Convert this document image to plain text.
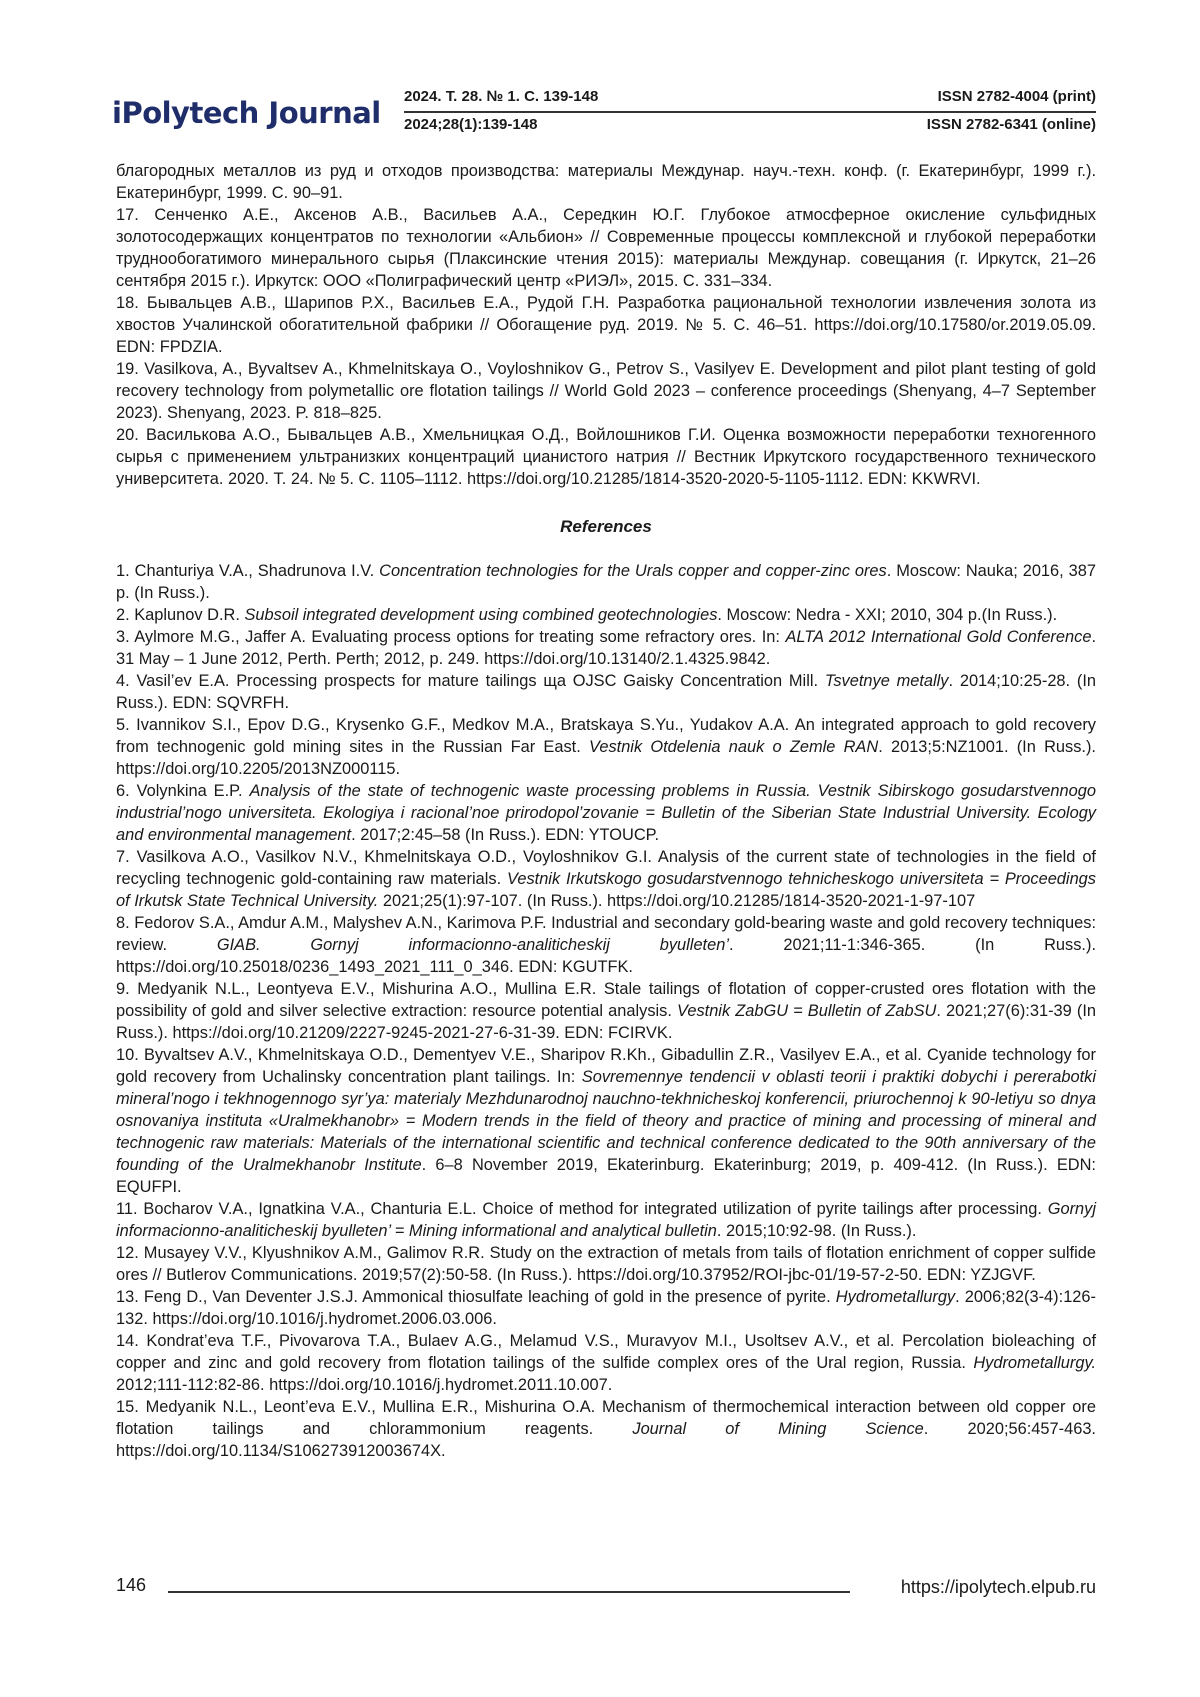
iPolytech Journal 2024. Т. 28. № 1. С. 139-148	ISSN 2782-4004 (print)
2024;28(1):139-148	ISSN 2782-6341 (online)
благородных металлов из руд и отходов производства: материалы Междунар. науч.-техн. конф. (г. Екатеринбург, 1999 г.). Екатеринбург, 1999. С. 90–91.
17. Сенченко А.Е., Аксенов А.В., Васильев А.А., Середкин Ю.Г. Глубокое атмосферное окисление сульфидных золотосодержащих концентратов по технологии «Альбион» // Современные процессы комплексной и глубокой переработки труднообогатимого минерального сырья (Плаксинские чтения 2015): материалы Междунар. совещания (г. Иркутск, 21–26 сентября 2015 г.). Иркутск: ООО «Полиграфический центр «РИЭЛ», 2015. С. 331–334.
18. Бывальцев А.В., Шарипов Р.Х., Васильев Е.А., Рудой Г.Н. Разработка рациональной технологии извлечения золота из хвостов Учалинской обогатительной фабрики // Обогащение руд. 2019. № 5. С. 46–51. https://doi.org/10.17580/or.2019.05.09. EDN: FPDZIA.
19. Vasilkova, A., Byvaltsev A., Khmelnitskaya O., Voyloshnikov G., Petrov S., Vasilyev E. Development and pilot plant testing of gold recovery technology from polymetallic ore flotation tailings // World Gold 2023 – conference proceedings (Shenyang, 4–7 September 2023). Shenyang, 2023. P. 818–825.
20. Василькова А.О., Бывальцев А.В., Хмельницкая О.Д., Войлошников Г.И. Оценка возможности переработки техногенного сырья с применением ультранизких концентраций цианистого натрия // Вестник Иркутского государственного технического университета. 2020. Т. 24. № 5. С. 1105–1112. https://doi.org/10.21285/1814-3520-2020-5-1105-1112. EDN: KKWRVI.
References
1. Chanturiya V.A., Shadrunova I.V. Concentration technologies for the Urals copper and copper-zinc ores. Moscow: Nauka; 2016, 387 p. (In Russ.).
2. Kaplunov D.R. Subsoil integrated development using combined geotechnologies. Moscow: Nedra - XXI; 2010, 304 p.(In Russ.).
3. Aylmore M.G., Jaffer A. Evaluating process options for treating some refractory ores. In: ALTA 2012 International Gold Conference. 31 May – 1 June 2012, Perth. Perth; 2012, p. 249. https://doi.org/10.13140/2.1.4325.9842.
4. Vasil’ev E.A. Processing prospects for mature tailings ща OJSC Gaisky Concentration Mill. Tsvetnye metally. 2014;10:25-28. (In Russ.). EDN: SQVRFH.
5. Ivannikov S.I., Epov D.G., Krysenko G.F., Medkov M.A., Bratskaya S.Yu., Yudakov A.A. An integrated approach to gold recovery from technogenic gold mining sites in the Russian Far East. Vestnik Otdelenia nauk o Zemle RAN. 2013;5:NZ1001. (In Russ.). https://doi.org/10.2205/2013NZ000115.
6. Volynkina E.P. Analysis of the state of technogenic waste processing problems in Russia. Vestnik Sibirskogo gosudarstvennogo industrial’nogo universiteta. Ekologiya i racional’noe prirodopol’zovanie = Bulletin of the Siberian State Industrial University. Ecology and environmental management. 2017;2:45–58 (In Russ.). EDN: YTOUCP.
7. Vasilkova A.O., Vasilkov N.V., Khmelnitskaya O.D., Voyloshnikov G.I. Analysis of the current state of technologies in the field of recycling technogenic gold-containing raw materials. Vestnik Irkutskogo gosudarstvennogo tehnicheskogo universiteta = Proceedings of Irkutsk State Technical University. 2021;25(1):97-107. (In Russ.). https://doi.org/10.21285/1814-3520-2021-1-97-107
8. Fedorov S.A., Amdur A.M., Malyshev A.N., Karimova P.F. Industrial and secondary gold-bearing waste and gold recovery techniques: review. GIAB. Gornyj informacionno-analiticheskij byulleten’. 2021;11-1:346-365. (In Russ.). https://doi.org/10.25018/0236_1493_2021_111_0_346. EDN: KGUTFK.
9. Medyanik N.L., Leontyeva E.V., Mishurina A.O., Mullina E.R. Stale tailings of flotation of copper-crusted ores flotation with the possibility of gold and silver selective extraction: resource potential analysis. Vestnik ZabGU = Bulletin of ZabSU. 2021;27(6):31-39 (In Russ.). https://doi.org/10.21209/2227-9245-2021-27-6-31-39. EDN: FCIRVK.
10. Byvaltsev A.V., Khmelnitskaya O.D., Dementyev V.E., Sharipov R.Kh., Gibadullin Z.R., Vasilyev E.A., et al. Cyanide technology for gold recovery from Uchalinsky concentration plant tailings. In: Sovremennye tendencii v oblasti teorii i praktiki dobychi i pererabotki mineral’nogo i tekhnogennogo syr’ya: materialy Mezhdunarodnoj nauchno-tekhnicheskoj konferencii, priurochennoj k 90-letiyu so dnya osnovaniya instituta «Uralmekhanobr» = Modern trends in the field of theory and practice of mining and processing of mineral and technogenic raw materials: Materials of the international scientific and technical conference dedicated to the 90th anniversary of the founding of the Uralmekhanobr Institute. 6–8 November 2019, Ekaterinburg. Ekaterinburg; 2019, p. 409-412. (In Russ.). EDN: EQUFPI.
11. Bocharov V.A., Ignatkina V.A., Chanturia E.L. Choice of method for integrated utilization of pyrite tailings after processing. Gornyj informacionno-analiticheskij byulleten’ = Mining informational and analytical bulletin. 2015;10:92-98. (In Russ.).
12. Musayey V.V., Klyushnikov A.M., Galimov R.R. Study on the extraction of metals from tails of flotation enrichment of copper sulfide ores // Butlerov Communications. 2019;57(2):50-58. (In Russ.). https://doi.org/10.37952/ROI-jbc-01/19-57-2-50. EDN: YZJGVF.
13. Feng D., Van Deventer J.S.J. Ammonical thiosulfate leaching of gold in the presence of pyrite. Hydrometallurgy. 2006;82(3-4):126-132. https://doi.org/10.1016/j.hydromet.2006.03.006.
14. Kondrat’eva T.F., Pivovarova T.A., Bulaev A.G., Melamud V.S., Muravyov M.I., Usoltsev A.V., et al. Percolation bioleaching of copper and zinc and gold recovery from flotation tailings of the sulfide complex ores of the Ural region, Russia. Hydrometallurgy. 2012;111-112:82-86. https://doi.org/10.1016/j.hydromet.2011.10.007.
15. Medyanik N.L., Leont’eva E.V., Mullina E.R., Mishurina O.A. Mechanism of thermochemical interaction between old copper ore flotation tailings and chlorammonium reagents. Journal of Mining Science. 2020;56:457-463. https://doi.org/10.1134/S106273912003674X.
146	https://ipolytech.elpub.ru
